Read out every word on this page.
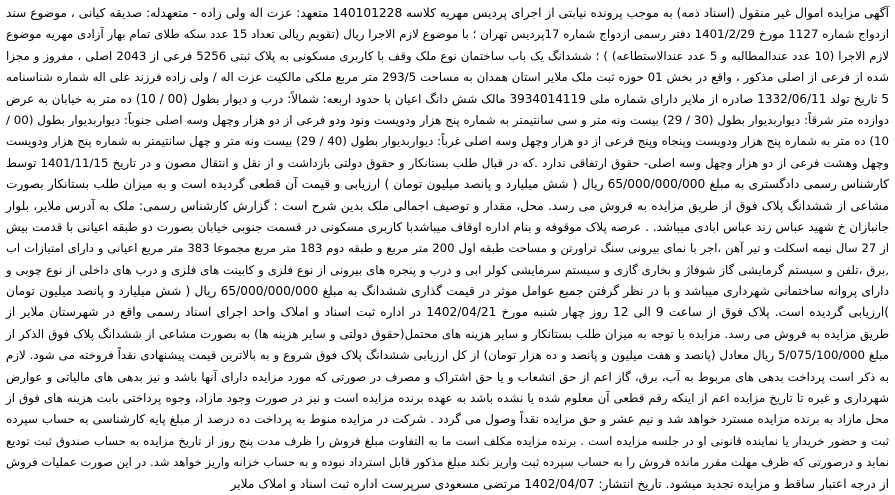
آگهی مزایده اموال غیر منقول (اسناد ذمه) به موجب پرونده نیابتی از اجرای پردیس مهریه کلاسه 140101228 متعهد: عزت اله ولی زاده - متعهدله: صدیقه کیانی ، موضوع سند
ازدواج شماره 1127 مورخ 1401/2/29 دفتر رسمی ازدواج شماره 17پردیس تهران ؛ با موضوع لازم الاجرا ریال (تقویم ریالی تعداد 15 عدد سکه طلای تمام بهار آزادی مهریه موضوع
لازم الاجرا (10 عدد عندالمطالبه و 5 عدد عندالاستطاعه) ) ؛ ششدانگ یک باب ساختمان نوع ملک وقف با کاربری مسکونی به پلاک ثبتی 5256 فرعی از 2043 اصلی ، مفروز و مجزا
شده از فرعی از اصلی مذکور ، واقع در بخش 01 حوزه ثبت ملک ملایر استان همدان به مساحت 293/5 متر مربع ملکی مالکیت عزت اله / ولی زاده فرزند علی اله شماره شناسنامه
5 تاریخ تولد 1332/06/11 صادره از ملایر دارای شماره ملی 3934014119 مالک شش دانگ اعیان با حدود اربعه: شمالاً: درب و دیوار بطول (00 / 10) ده متر به خیابان به عرض
دوازده متر شرقاً: دیواربدیوار بطول (30 / 29) بیست ونه متر و سی سانتیمتر به شماره پنج هزار ودویست ونود ودو فرعی از دو هزار وچهل وسه اصلی جنوباً: دیواربدیوار بطول (00 /
10) ده متر به شماره پنج هزار ودویست وپنجاه وپنج فرعی از دو هزار وچهل وسه اصلی غرباً: دیواربدیوار بطول (40 / 29) بیست ونه متر و چهل سانتیمتر به شماره پنج هزار ودویست
وچهل وهشت فرعی از دو هزار وچهل وسه اصلی- حقوق ارتفاقی ندارد .که در قبال طلب بستانکار و حقوق دولتی بازداشت و از نقل و انتقال مصون و در تاریخ 1401/11/15 توسط
کارشناس رسمی دادگستری به مبلغ 65/000/000/000 ریال ( شش میلیارد و پانصد میلیون تومان ) ارزیابی و قیمت آن قطعی گردیده است و به میزان طلب بستانکار بصورت
مشاعی از ششدانگ پلاک فوق از طریق مزایده به فروش می رسد. محل، مقدار و توصیف اجمالی ملک بدین شرح است : گزارش کارشناس رسمی: ملک به آدرس ملایر، بلوار
جانبازان خ شهید عباس زند عباس ابادی میباشد. . عرصه پلاک موقوفه و بنام اداره اوقاف میباشدبا کاربری مسکونی در قسمت جنوبی خیابان بصورت دو طبقه اعیانی با قدمت بیش
از 27 سال نیمه اسکلت و تیر آهن ،اجر با نمای بیرونی سنگ تراورتن و مساحت طبقه اول 200 متر مربع و طبقه دوم 183 متر مربع مجموعا 383 متر مربع اعیانی و دارای امتیازات اب
,برق ،تلفن و سیستم گرمایشی گاز شوفاژ و بخاری گازی و سیستم سرمایشی کولر ابی و درب و پنجره های بیرونی از نوع فلزی و کابینت های فلزی و درب های داخلی از نوع چوبی و
دارای پروانه ساختمانی شهرداری میباشد و با در نظر گرفتن جمیع عوامل موثر در قیمت گذاری ششدانگ به مبلغ 65/000/000/000 ریال ( شش میلیارد و پانصد میلیون تومان
)ارزیابی گردیده است. پلاک فوق از ساعت 9 الی 12 روز چهار شنبه مورخ 1402/04/21 در اداره ثبت اسناد و املاک واحد اجرای اسناد رسمی واقع در شهرستان ملایر از
طریق مزایده به فروش می رسد. مزایده با توجه به میزان طلب بستانکار و سایر هزینه های محتمل(حقوق دولتی و سایر هزینه ها) به بصورت مشاعی از ششدانگ پلاک فوق الذکر از
مبلغ 5/075/100/000 ریال معادل (پانصد و هفت میلیون و پانصد و ده هزار تومان) از کل ارزیابی ششدانگ پلاک فوق شروع و به بالاترین قیمت پیشنهادی نقداً فروخته می شود. لازم
به ذکر است پرداخت بدهی های مربوط به آب، برق، گاز اعم از حق انشعاب و یا حق اشتراک و مصرف در صورتی که مورد مزایده دارای آنها باشد و نیز بدهی های مالیاتی و عوارض
شهرداری و غیره تا تاریخ مزایده اعم از اینکه رقم قطعی آن معلوم شده یا نشده باشد به عهده برنده مزایده است و نیز در صورت وجود مازاد، وجوه پرداختی بابت هزینه های فوق از
محل مازاد به برنده مزایده مسترد خواهد شد و نیم عشر و حق مزایده نقداً وصول می گردد . شرکت در مزایده منوط به پرداخت ده درصد از مبلغ پایه کارشناسی به حساب سپرده
ثبت و حضور خریدار یا نماینده قانونی او در جلسه مزایده است . برنده مزایده مکلف است ما به التفاوت مبلغ فروش را ظرف مدت پنج روز از تاریخ مزایده به حساب صندوق ثبت تودیع
نماید و درصورتی که ظرف مهلت مقرر مانده فروش را به حساب سپرده ثبت واریز نکند مبلغ مذکور قابل استرداد نبوده و به حساب خزانه واریز خواهد شد. در این صورت عملیات فروش
از درجه اعتبار ساقط و مزایده تجدید میشود. تاریخ انتشار: 1402/04/07 مرتضی مسعودی سرپرست اداره ثبت اسناد و املاک ملایر
